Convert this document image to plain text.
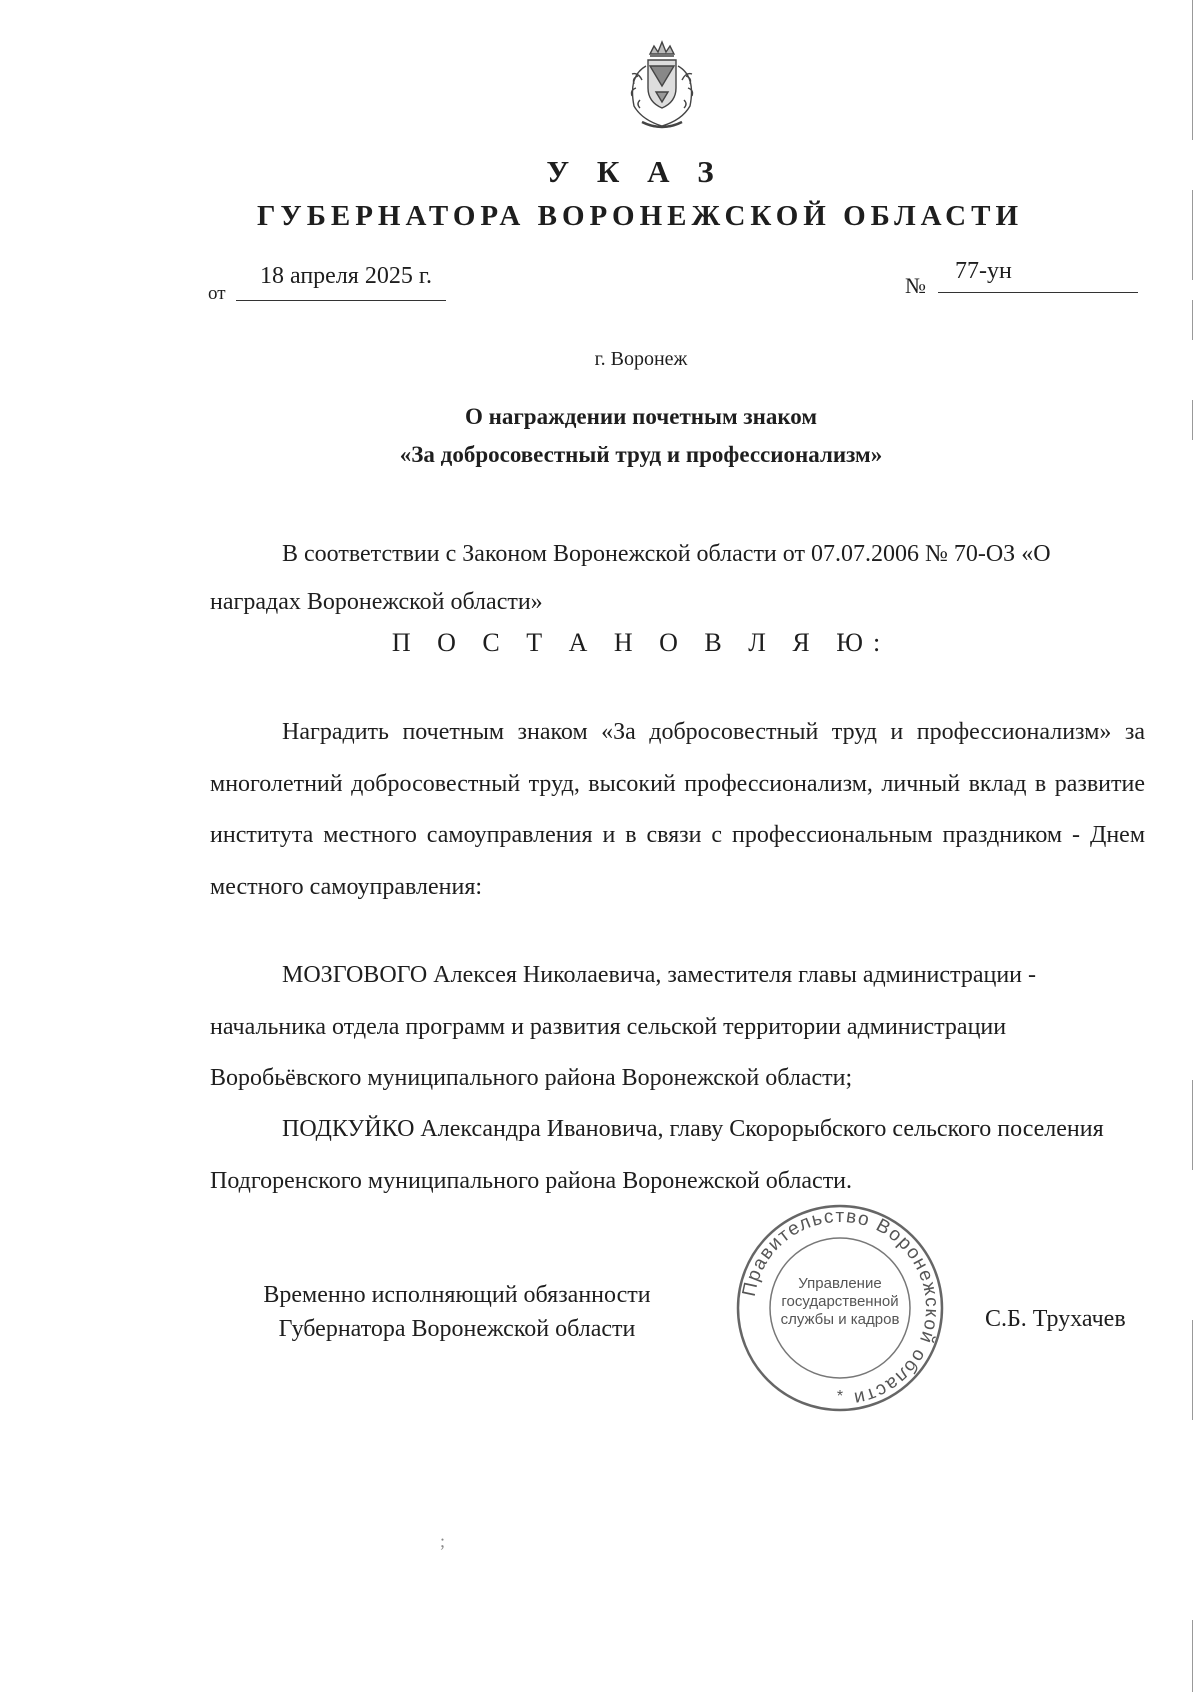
У К А З
ГУБЕРНАТОРА ВОРОНЕЖСКОЙ ОБЛАСТИ
от
18 апреля 2025 г.	№
77-ун
г. Воронеж
О награждении почетным знаком
«За добросовестный труд и профессионализм»
В соответствии с Законом Воронежской области от 07.07.2006 № 70-ОЗ «О наградах Воронежской области»
П О С Т А Н О В Л Я Ю:
Наградить почетным знаком «За добросовестный труд и профессионализм» за многолетний добросовестный труд, высокий профессионализм, личный вклад в развитие института местного самоуправления и в связи с профессиональным праздником - Днем местного самоуправления:
МОЗГОВОГО Алексея Николаевича, заместителя главы администрации - начальника отдела программ и развития сельской территории администрации Воробьёвского муниципального района Воронежской области;
ПОДКУЙКО Александра Ивановича, главу Скорорыбского сельского поселения Подгоренского муниципального района Воронежской области.
Временно исполняющий обязанности
Губернатора Воронежской области
Правительство Воронежской области
Управление
государственной
службы и кадров
*
С.Б. Трухачев
;
